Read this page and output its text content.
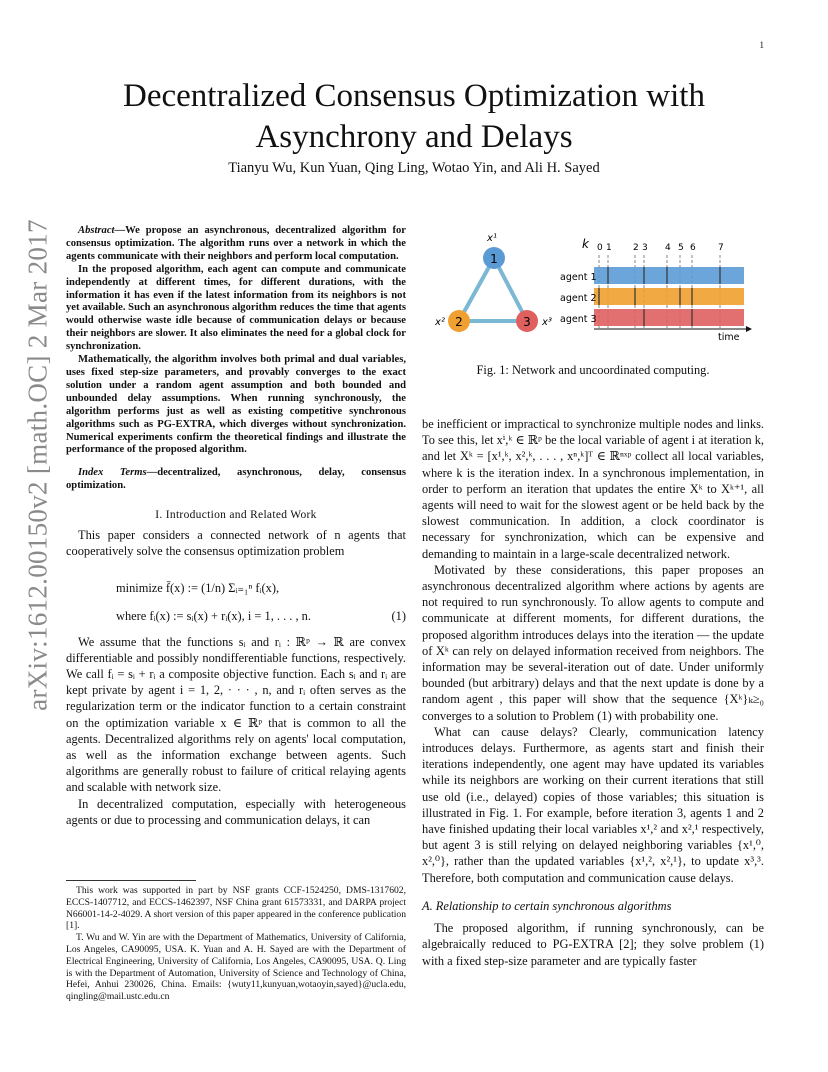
1
arXiv:1612.00150v2 [math.OC] 2 Mar 2017
Decentralized Consensus Optimization with Asynchrony and Delays
Tianyu Wu, Kun Yuan, Qing Ling, Wotao Yin, and Ali H. Sayed

Abstract—We propose an asynchronous, decentralized algorithm for consensus optimization. The algorithm runs over a network in which the agents communicate with their neighbors and perform local computation.

In the proposed algorithm, each agent can compute and communicate independently at different times, for different durations, with the information it has even if the latest information from its neighbors is not yet available. Such an asynchronous algorithm reduces the time that agents would otherwise waste idle because of communication delays or because their neighbors are slower. It also eliminates the need for a global clock for synchronization.

Mathematically, the algorithm involves both primal and dual variables, uses fixed step-size parameters, and provably converges to the exact solution under a random agent assumption and both bounded and unbounded delay assumptions. When running synchronously, the algorithm performs just as well as existing competitive synchronous algorithms such as PG-EXTRA, which diverges without synchronization. Numerical experiments confirm the theoretical findings and illustrate the performance of the proposed algorithm.

Index Terms—decentralized, asynchronous, delay, consensus optimization.

I. Introduction and Related Work

This paper considers a connected network of n agents that cooperatively solve the consensus optimization problem

minimize f̄(x) := (1/n) Σᵢ₌₁ⁿ fᵢ(x),
where fᵢ(x) := sᵢ(x) + rᵢ(x), i = 1, . . . , n.	(1)

We assume that the functions sᵢ and rᵢ : ℝᵖ → ℝ are convex differentiable and possibly nondifferentiable functions, respectively. We call fᵢ = sᵢ + rᵢ a composite objective function. Each sᵢ and rᵢ are kept private by agent i = 1, 2, · · · , n, and rᵢ often serves as the regularization term or the indicator function to a certain constraint on the optimization variable x ∈ ℝᵖ that is common to all the agents. Decentralized algorithms rely on agents' local computation, as well as the information exchange between agents. Such algorithms are generally robust to failure of critical relaying agents and scalable with network size.

In decentralized computation, especially with heterogeneous agents or due to processing and communication delays, it can

This work was supported in part by NSF grants CCF-1524250, DMS-1317602, ECCS-1407712, and ECCS-1462397, NSF China grant 61573331, and DARPA project N66001-14-2-4029. A short version of this paper appeared in the conference publication [1].

T. Wu and W. Yin are with the Department of Mathematics, University of California, Los Angeles, CA90095, USA. K. Yuan and A. H. Sayed are with the Department of Electrical Engineering, University of California, Los Angeles, CA90095, USA. Q. Ling is with the Department of Automation, University of Science and Technology of China, Hefei, Anhui 230026, China. Emails: {wuty11,kunyuan,wotaoyin,sayed}@ucla.edu, qingling@mail.ustc.edu.cn

1
2	3
x¹
x²	x³
k 0 1 2 3 4 5 6 7
agent 1
agent 2
agent 3
time
Fig. 1: Network and uncoordinated computing.

be inefficient or impractical to synchronize multiple nodes and links. To see this, let xⁱ,ᵏ ∈ ℝᵖ be the local variable of agent i at iteration k, and let Xᵏ = [x¹,ᵏ, x²,ᵏ, . . . , xⁿ,ᵏ]ᵀ ∈ ℝⁿˣᵖ collect all local variables, where k is the iteration index. In a synchronous implementation, in order to perform an iteration that updates the entire Xᵏ to Xᵏ⁺¹, all agents will need to wait for the slowest agent or be held back by the slowest communication. In addition, a clock coordinator is necessary for synchronization, which can be expensive and demanding to maintain in a large-scale decentralized network.

Motivated by these considerations, this paper proposes an asynchronous decentralized algorithm where actions by agents are not required to run synchronously. To allow agents to compute and communicate at different moments, for different durations, the proposed algorithm introduces delays into the iteration — the update of Xᵏ can rely on delayed information received from neighbors. The information may be several-iteration out of date. Under uniformly bounded (but arbitrary) delays and that the next update is done by a random agent , this paper will show that the sequence {Xᵏ}ₖ≥₀ converges to a solution to Problem (1) with probability one.

What can cause delays? Clearly, communication latency introduces delays. Furthermore, as agents start and finish their iterations independently, one agent may have updated its variables while its neighbors are working on their current iterations that still use old (i.e., delayed) copies of those variables; this situation is illustrated in Fig. 1. For example, before iteration 3, agents 1 and 2 have finished updating their local variables x¹,² and x²,¹ respectively, but agent 3 is still relying on delayed neighboring variables {x¹,⁰, x²,⁰}, rather than the updated variables {x¹,², x²,¹}, to update x³,³. Therefore, both computation and communication cause delays.

A. Relationship to certain synchronous algorithms

The proposed algorithm, if running synchronously, can be algebraically reduced to PG-EXTRA [2]; they solve problem (1) with a fixed step-size parameter and are typically faster
